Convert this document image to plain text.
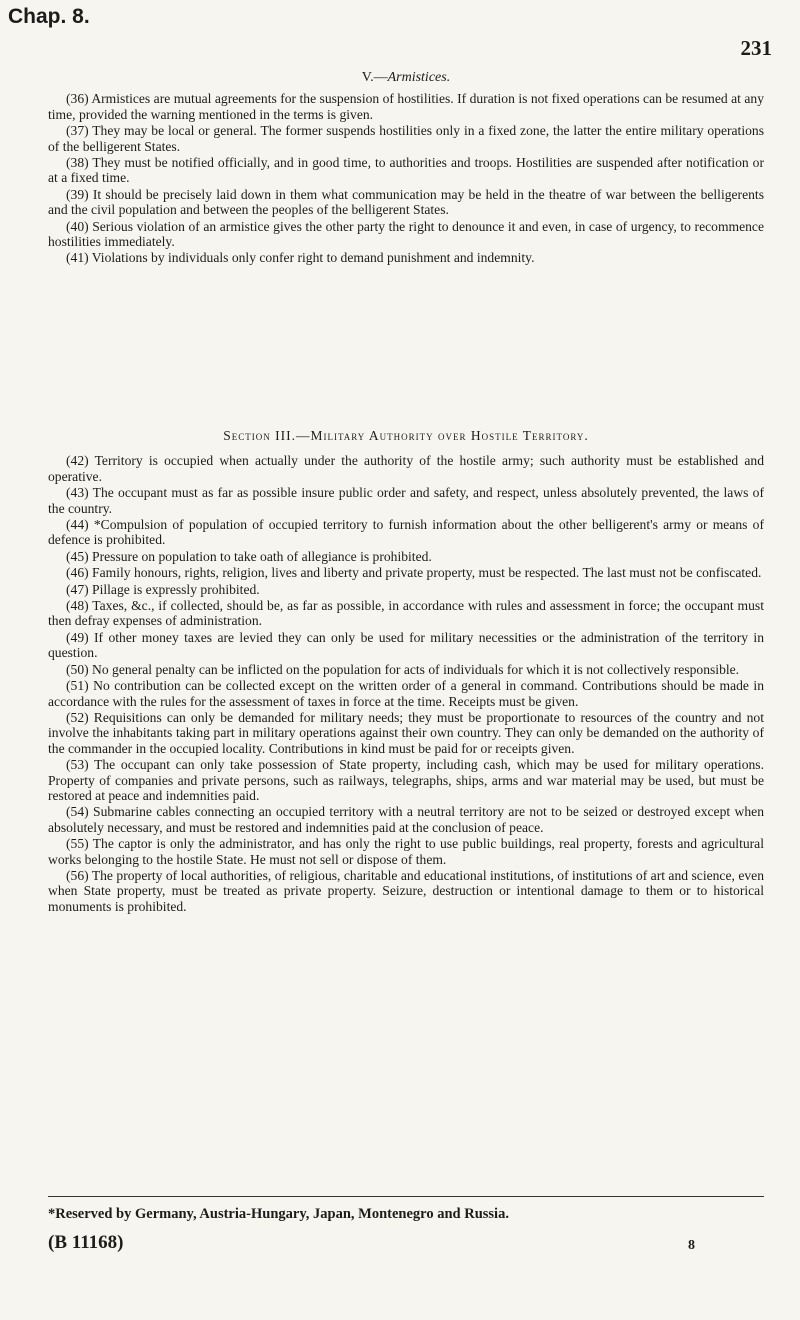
Chap. 8.
231
V.—Armistices.

(36) Armistices are mutual agreements for the suspension of hostilities. If duration is not fixed operations can be resumed at any time, provided the warning mentioned in the terms is given.

(37) They may be local or general. The former suspends hostilities only in a fixed zone, the latter the entire military operations of the belligerent States.

(38) They must be notified officially, and in good time, to authorities and troops. Hostilities are suspended after notification or at a fixed time.

(39) It should be precisely laid down in them what communication may be held in the theatre of war between the belligerents and the civil population and between the peoples of the belligerent States.

(40) Serious violation of an armistice gives the other party the right to denounce it and even, in case of urgency, to recommence hostilities immediately.

(41) Violations by individuals only confer right to demand punishment and indemnity.

Section III.—Military Authority over Hostile Territory.

(42) Territory is occupied when actually under the authority of the hostile army; such authority must be established and operative.

(43) The occupant must as far as possible insure public order and safety, and respect, unless absolutely prevented, the laws of the country.

(44) *Compulsion of population of occupied territory to furnish information about the other belligerent's army or means of defence is prohibited.

(45) Pressure on population to take oath of allegiance is prohibited.

(46) Family honours, rights, religion, lives and liberty and private property, must be respected. The last must not be confiscated.

(47) Pillage is expressly prohibited.

(48) Taxes, &c., if collected, should be, as far as possible, in accordance with rules and assessment in force; the occupant must then defray expenses of administration.

(49) If other money taxes are levied they can only be used for military necessities or the administration of the territory in question.

(50) No general penalty can be inflicted on the population for acts of individuals for which it is not collectively responsible.

(51) No contribution can be collected except on the written order of a general in command. Contributions should be made in accordance with the rules for the assessment of taxes in force at the time. Receipts must be given.

(52) Requisitions can only be demanded for military needs; they must be proportionate to resources of the country and not involve the inhabitants taking part in military operations against their own country. They can only be demanded on the authority of the commander in the occupied locality. Contributions in kind must be paid for or receipts given.

(53) The occupant can only take possession of State property, including cash, which may be used for military operations. Property of companies and private persons, such as railways, telegraphs, ships, arms and war material may be used, but must be restored at peace and indemnities paid.

(54) Submarine cables connecting an occupied territory with a neutral territory are not to be seized or destroyed except when absolutely necessary, and must be restored and indemnities paid at the conclusion of peace.

(55) The captor is only the administrator, and has only the right to use public buildings, real property, forests and agricultural works belonging to the hostile State. He must not sell or dispose of them.

(56) The property of local authorities, of religious, charitable and educational institutions, of institutions of art and science, even when State property, must be treated as private property. Seizure, destruction or intentional damage to them or to historical monuments is prohibited.

*Reserved by Germany, Austria-Hungary, Japan, Montenegro and Russia.
(B 11168)	8
